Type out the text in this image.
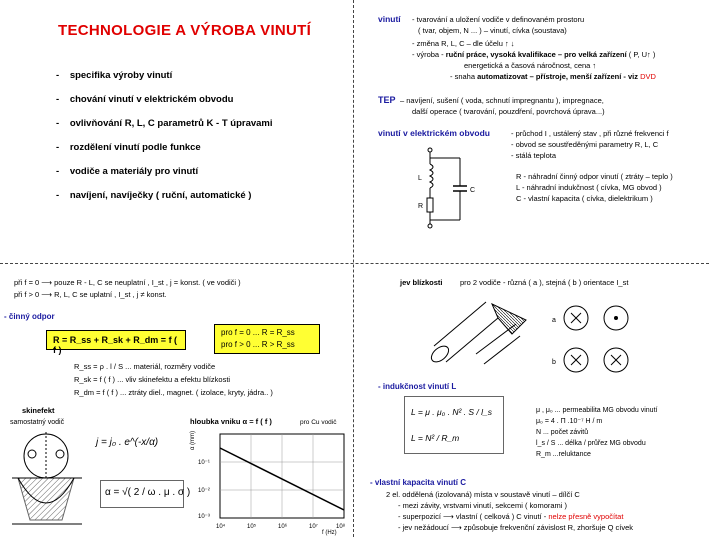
TECHNOLOGIE A VÝROBA VINUTÍ
- specifika výroby vinutí
- chování vinutí v elektrickém obvodu
- ovlivňování R, L, C parametrů K - T úpravami
- rozdělení vinutí podle funkce
- vodiče a materiály pro vinutí
- navíjení, navíječky ( ruční, automatické )
vinutí - tvarování a uložení vodiče v definovaném prostoru
( tvar, objem, N ... ) – vinutí, cívka (soustava)
- změna R, L, C – dle účelu ↑ ↓
- výroba - ruční práce, vysoká kvalifikace – pro velká zařízení ( P, U↑ )
energetická a časová náročnost, cena ↑
- snaha automatizovat – přístroje, menší zařízení - viz DVD
TEP – navíjení, sušení ( voda, schnutí impregnantu ), impregnace,
další operace ( tvarování, pouzdření, povrchová úprava...)
vinutí v elektrickém obvodu	- průchod I , ustálený stav , při různé frekvenci f
- obvod se soustředěnými parametry R, L, C
- stálá teplota
R - náhradní činný odpor vinutí ( ztráty – teplo )
L - náhradní indukčnost ( cívka, MG obvod )
C - vlastní kapacita ( cívka, dielektrikum )
L
R
C
při f = 0 ⟶ pouze R - L, C se neuplatní , I_st , j = konst. ( ve vodiči )
při f > 0 ⟶ R, L, C se uplatní , I_st , j ≠ konst.
- činný odpor
R = R_ss + R_sk + R_dm = f ( f )
pro f = 0 ... R = R_ss
pro f > 0 ... R > R_ss
R_ss = ρ . l / S ... materiál, rozměry vodiče
R_sk = f ( f ) ... vliv skinefektu a efektu blízkosti
R_dm = f ( f ) ... ztráty diel., magnet. ( izolace, kryty, jádra.. )
skinefekt
samostatný vodič	hloubka vniku α = f ( f )	pro Cu vodič
j = j₀ . e^(-x/α)
α = √( 2 / ω . μ . σ )
10⁻¹
10⁻²
10⁻³
10⁴	10⁵	10⁶	10⁷	10⁸
α (mm)
f (Hz)
jev blízkosti pro 2 vodiče - různá ( a ), stejná ( b ) orientace I_st
a
b
- indukčnost vinutí L
L = μ . μ₀ . N² . S / l_s
L = N² / R_m
μ , μ₀ ... permeabilita MG obvodu vinutí
μ₀ = 4 . Π .10⁻⁷ H / m
N ... počet závitů
l_s / S ... délka / průřez MG obvodu
R_m ...reluktance
- vlastní kapacita vinutí C
2 el. oddělená (izolovaná) místa v soustavě vinutí – dílčí C
- mezi závity, vrstvami vinutí, sekcemi ( komorami )
- superpozicí ⟶ vlastní ( celková ) C vinutí - nelze přesně vypočítat
- jev nežádoucí ⟶ způsobuje frekvenční závislost R, zhoršuje Q cívek
